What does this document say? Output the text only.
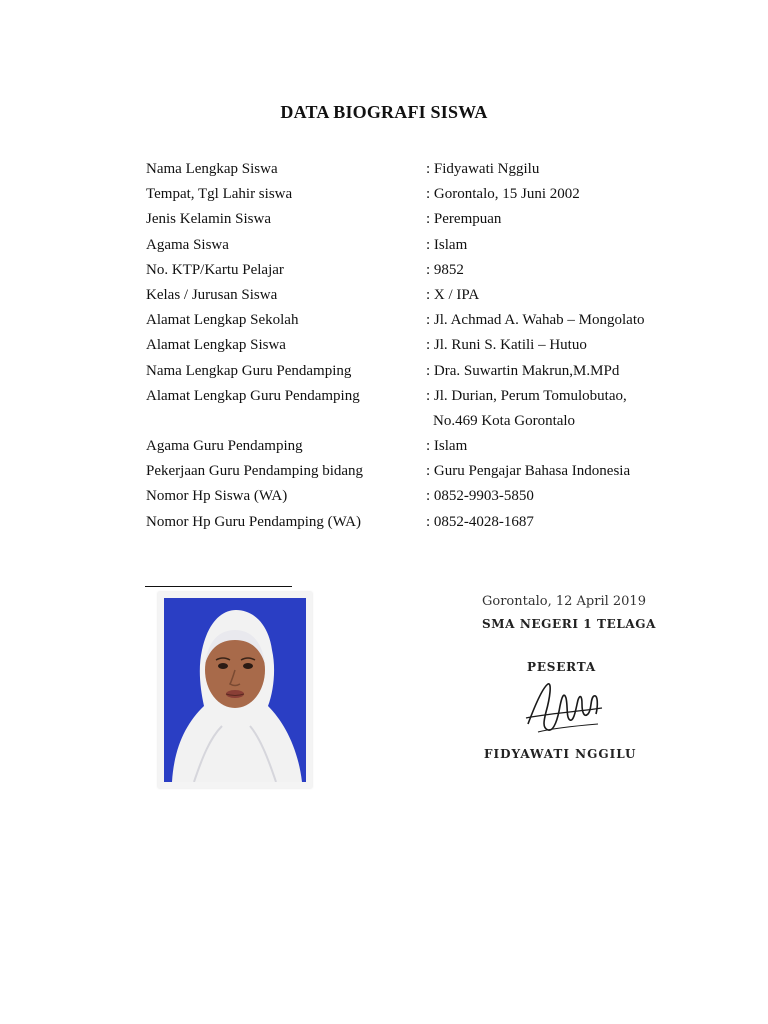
DATA BIOGRAFI SISWA
Nama Lengkap Siswa	: Fidyawati Nggilu
Tempat, Tgl Lahir siswa	: Gorontalo, 15 Juni 2002
Jenis Kelamin Siswa	: Perempuan
Agama Siswa	: Islam
No. KTP/Kartu Pelajar	: 9852
Kelas / Jurusan Siswa	: X / IPA
Alamat Lengkap Sekolah	: Jl. Achmad A. Wahab – Mongolato
Alamat Lengkap Siswa	: Jl. Runi S. Katili – Hutuo
Nama Lengkap Guru Pendamping	: Dra. Suwartin Makrun,M.MPd
Alamat Lengkap Guru Pendamping	: Jl. Durian, Perum Tomulobutao,
No.469 Kota Gorontalo
Agama Guru Pendamping	: Islam
Pekerjaan Guru Pendamping bidang	: Guru Pengajar Bahasa Indonesia
Nomor Hp Siswa (WA)	: 0852-9903-5850
Nomor Hp Guru Pendamping (WA)	: 0852-4028-1687
Gorontalo, 12 April 2019
SMA NEGERI 1 TELAGA
PESERTA
FIDYAWATI NGGILU
